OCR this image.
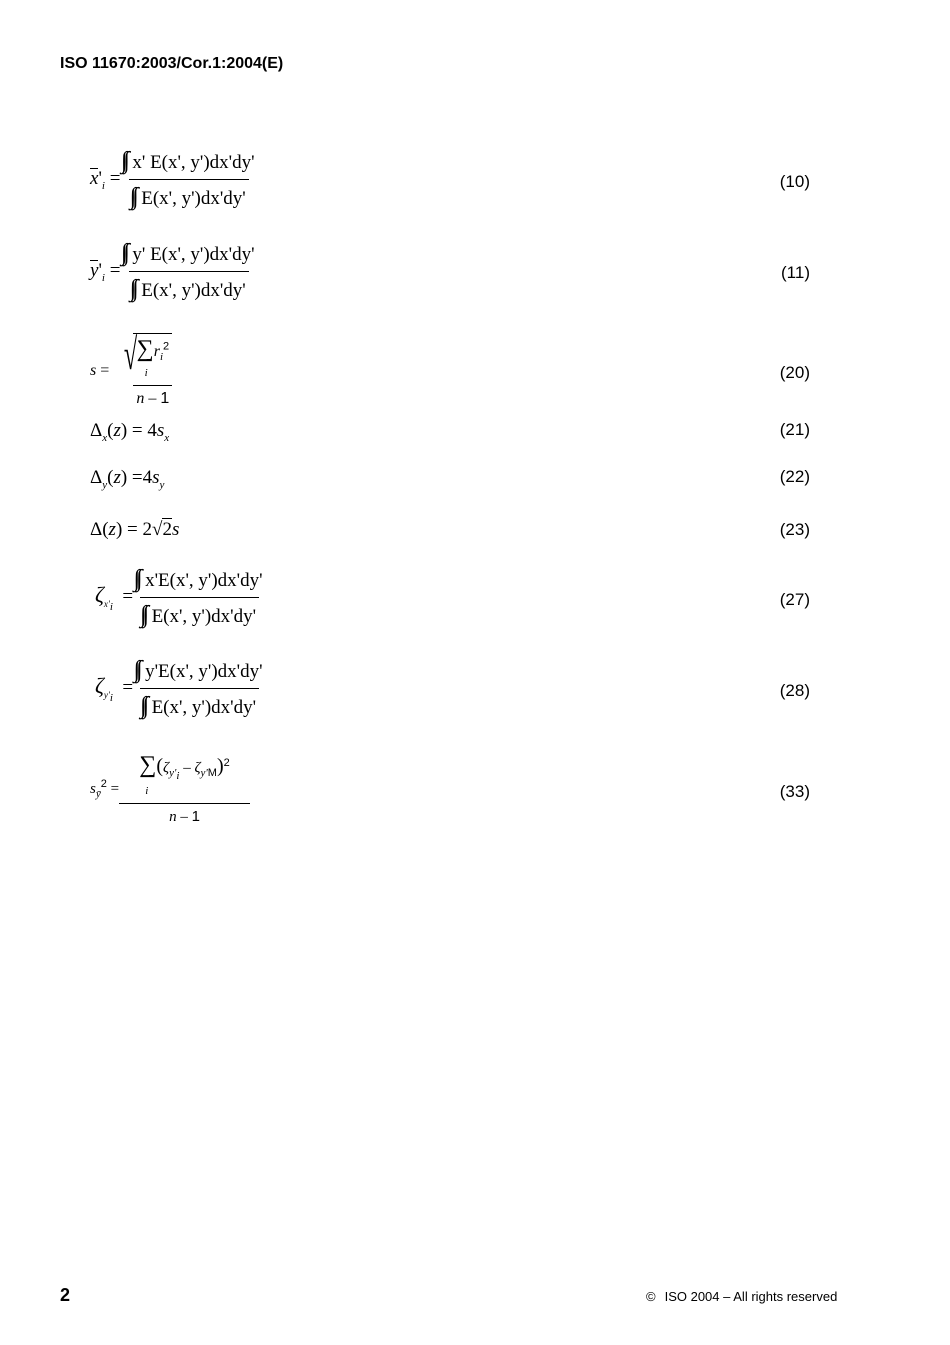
ISO 11670:2003/Cor.1:2004(E)
$x'_i = \frac{x' E(x', y')dx'dy'}{E(x', y')dx'dy'}$	(10)
$y'_i = \frac{y' E(x', y')dx'dy'}{E(x', y')dx'dy'}$	(11)
s = √ $\sum r_i^2$
i
n – 1
(20)
$\Delta_x(z) = 4s_x$	(21)
$\Delta_y(z) =4s_y$	(22)
Δ(z) = 2√2s	(23)
$\zeta_{x'_i} = \frac{x'E(x', y')dx'dy'}{E(x', y')dx'dy'}$	(27)
$\zeta_{y'_i} = \frac{y'E(x', y')dx'dy'}{E(x', y')dx'dy'}$	(28)
$s_ȳ^2$ =
$\sum(\zeta_{y'_i} - \zeta_{y'M})^2$
i
n – 1
(33)
2	© ISO 2004 – All rights reserved
